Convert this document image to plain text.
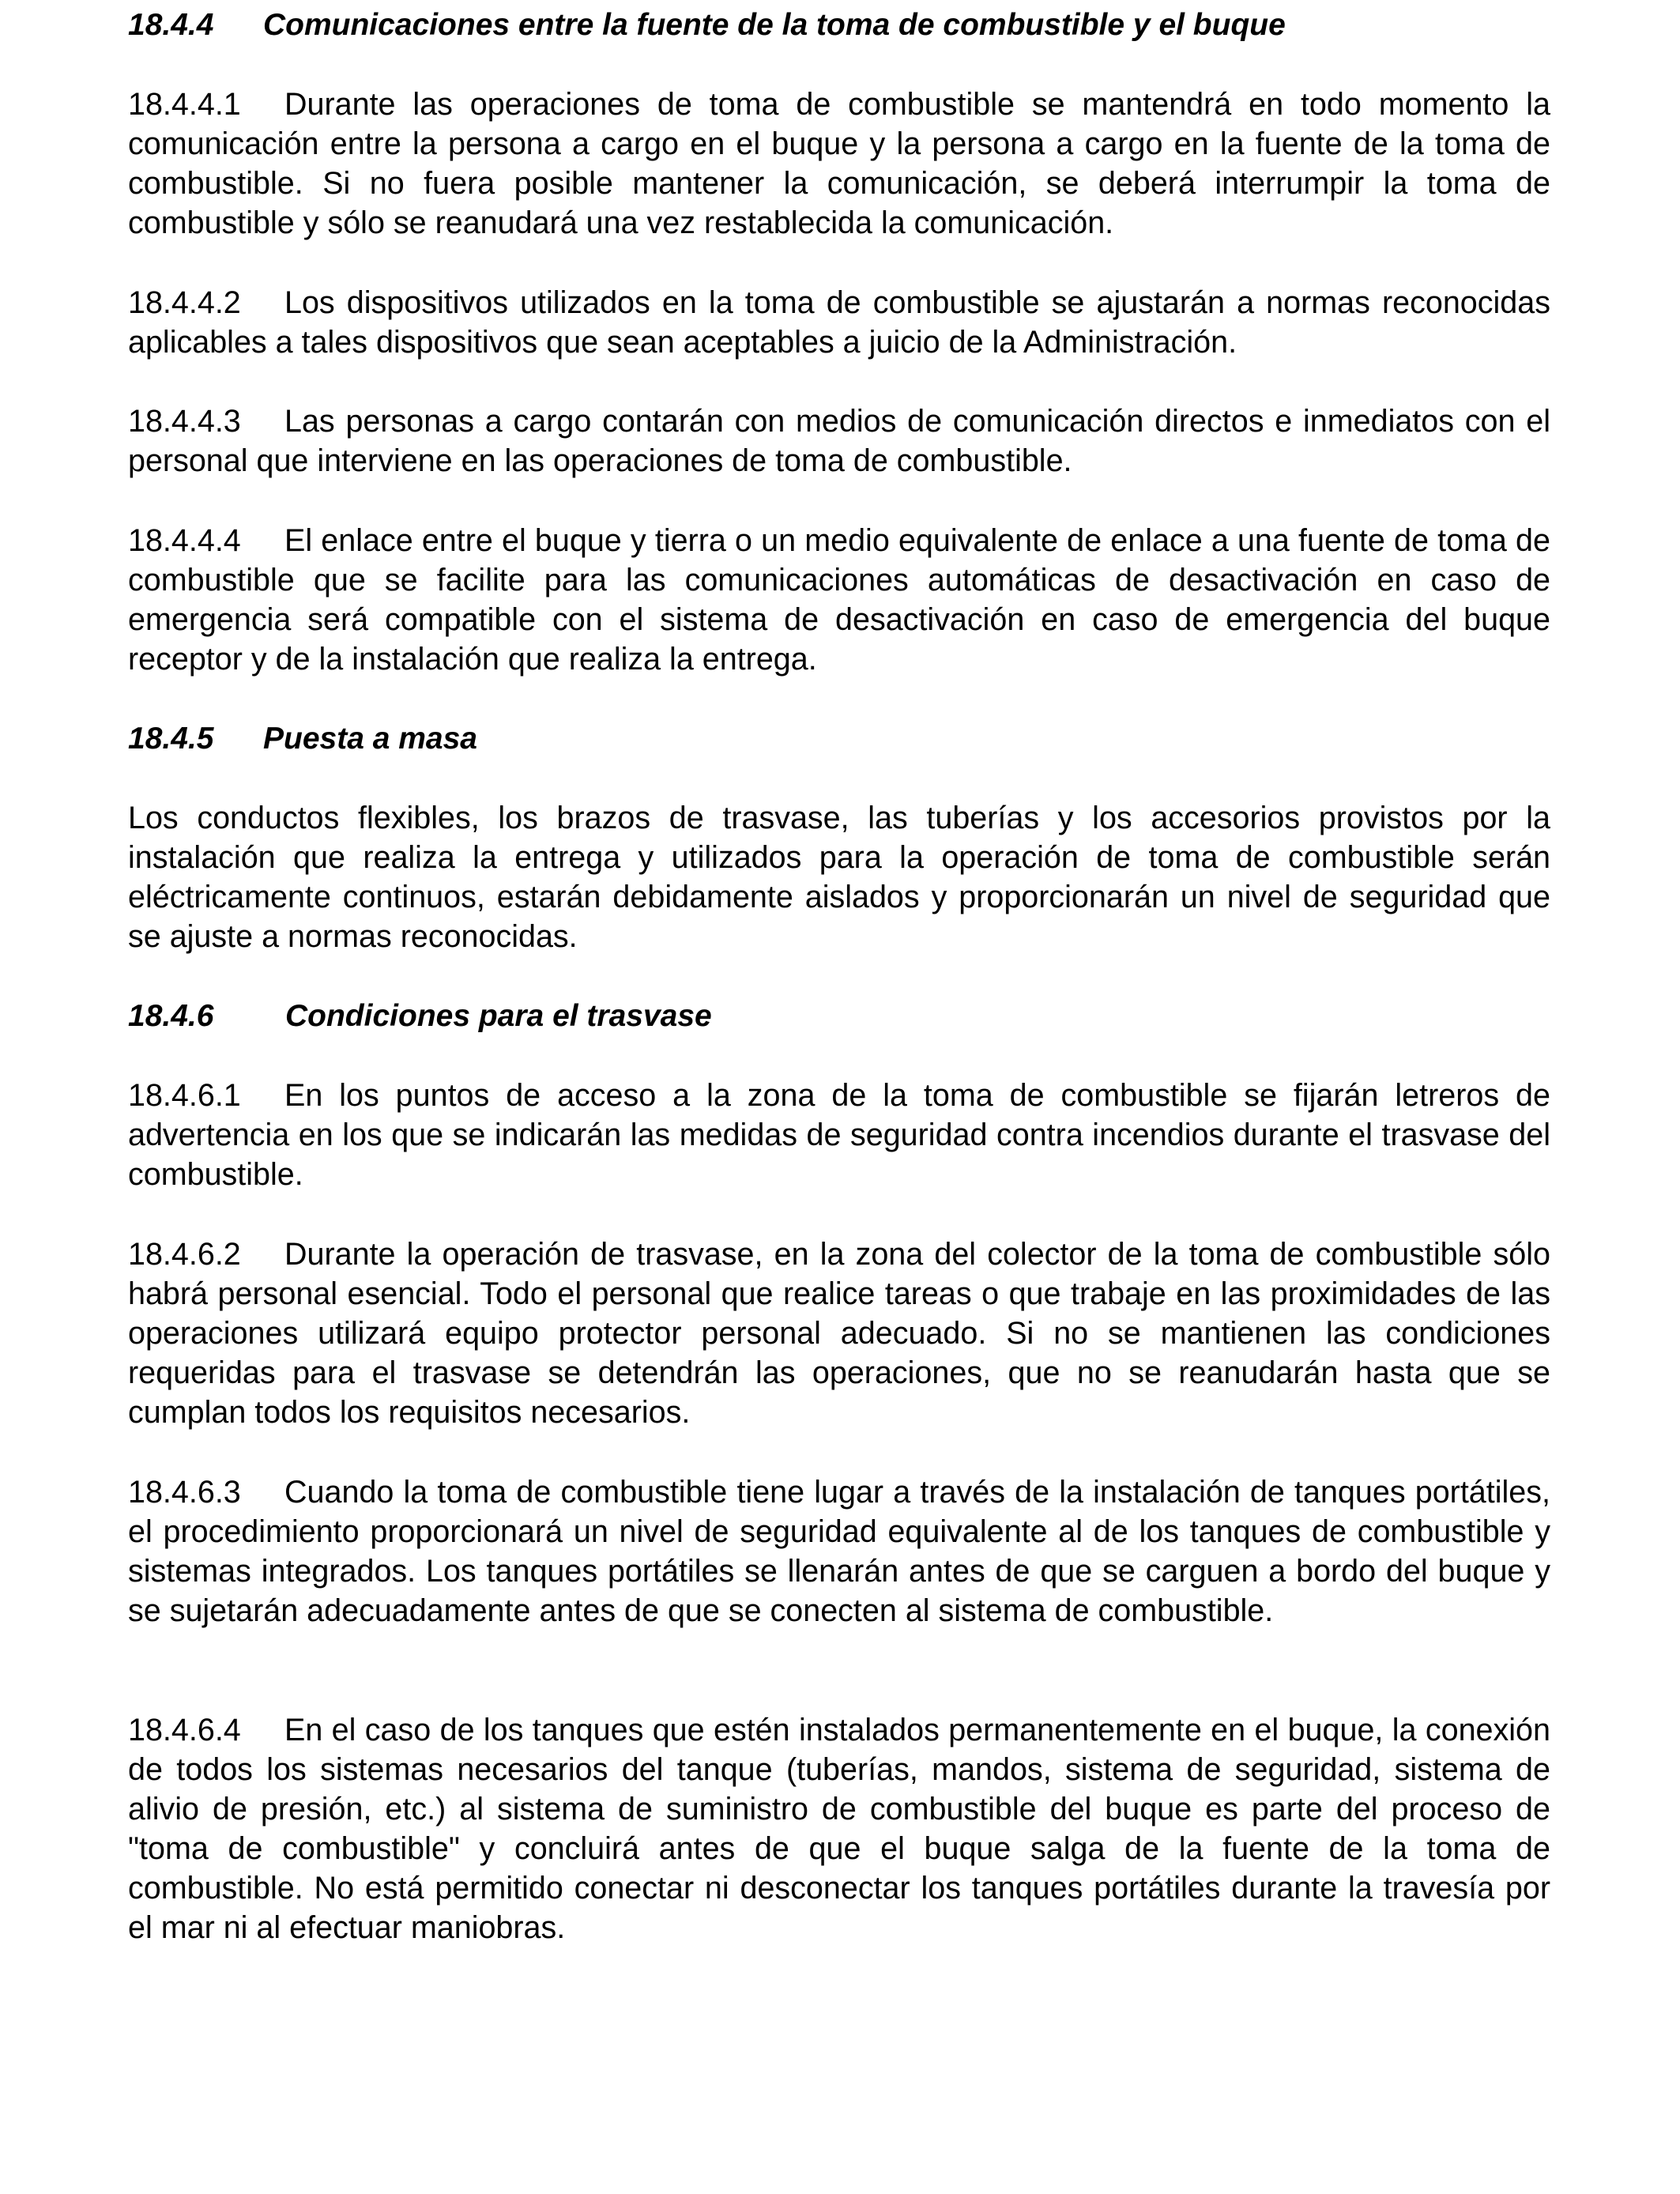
18.4.4	Comunicaciones entre la fuente de la toma de combustible y el buque

18.4.4.1 Durante las operaciones de toma de combustible se mantendrá en todo momento la comunicación entre la persona a cargo en el buque y la persona a cargo en la fuente de la toma de combustible. Si no fuera posible mantener la comunicación, se deberá interrumpir la toma de combustible y sólo se reanudará una vez restablecida la comunicación.

18.4.4.2 Los dispositivos utilizados en la toma de combustible se ajustarán a normas reconocidas aplicables a tales dispositivos que sean aceptables a juicio de la Administración.

18.4.4.3 Las personas a cargo contarán con medios de comunicación directos e inmediatos con el personal que interviene en las operaciones de toma de combustible.

18.4.4.4 El enlace entre el buque y tierra o un medio equivalente de enlace a una fuente de toma de combustible que se facilite para las comunicaciones automáticas de desactivación en caso de emergencia será compatible con el sistema de desactivación en caso de emergencia del buque receptor y de la instalación que realiza la entrega.

18.4.5	Puesta a masa

Los conductos flexibles, los brazos de trasvase, las tuberías y los accesorios provistos por la instalación que realiza la entrega y utilizados para la operación de toma de combustible serán eléctricamente continuos, estarán debidamente aislados y proporcionarán un nivel de seguridad que se ajuste a normas reconocidas.

18.4.6	Condiciones para el trasvase

18.4.6.1 En los puntos de acceso a la zona de la toma de combustible se fijarán letreros de advertencia en los que se indicarán las medidas de seguridad contra incendios durante el trasvase del combustible.

18.4.6.2 Durante la operación de trasvase, en la zona del colector de la toma de combustible sólo habrá personal esencial. Todo el personal que realice tareas o que trabaje en las proximidades de las operaciones utilizará equipo protector personal adecuado. Si no se mantienen las condiciones requeridas para el trasvase se detendrán las operaciones, que no se reanudarán hasta que se cumplan todos los requisitos necesarios.

18.4.6.3 Cuando la toma de combustible tiene lugar a través de la instalación de tanques portátiles, el procedimiento proporcionará un nivel de seguridad equivalente al de los tanques de combustible y sistemas integrados. Los tanques portátiles se llenarán antes de que se carguen a bordo del buque y se sujetarán adecuadamente antes de que se conecten al sistema de combustible.

18.4.6.4 En el caso de los tanques que estén instalados permanentemente en el buque, la conexión de todos los sistemas necesarios del tanque (tuberías, mandos, sistema de seguridad, sistema de alivio de presión, etc.) al sistema de suministro de combustible del buque es parte del proceso de "toma de combustible" y concluirá antes de que el buque salga de la fuente de la toma de combustible. No está permitido conectar ni desconectar los tanques portátiles durante la travesía por el mar ni al efectuar maniobras.
